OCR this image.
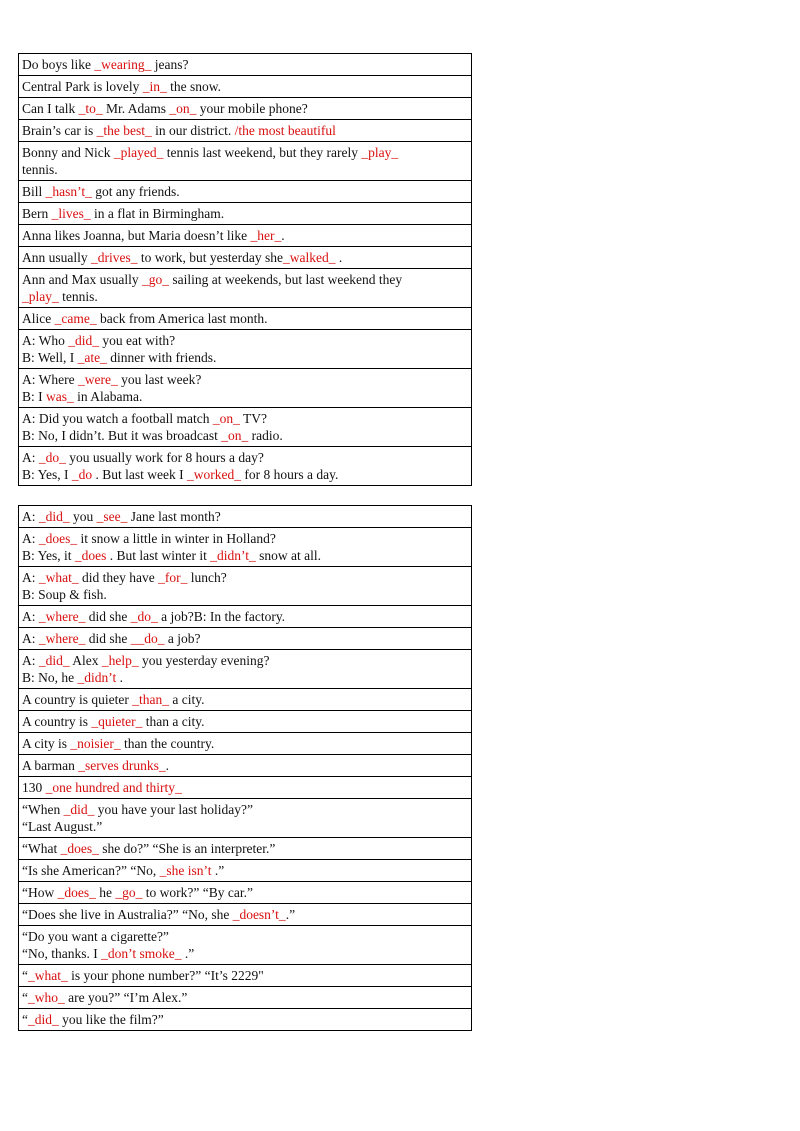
Do boys like _wearing_ jeans?
Central Park is lovely _in_ the snow.
Can I talk _to_ Mr. Adams _on_ your mobile phone?
Brain’s car is _the best_ in our district. /the most beautiful
Bonny and Nick _played_ tennis last weekend, but they rarely _play_
tennis.
Bill _hasn’t_ got any friends.
Bern _lives_ in a flat in Birmingham.
Anna likes Joanna, but Maria doesn’t like _her_.
Ann usually _drives_ to work, but yesterday she_walked_ .
Ann and Max usually _go_ sailing at weekends, but last weekend they
_play_ tennis.
Alice _came_ back from America last month.
A: Who _did_ you eat with?
B: Well, I _ate_ dinner with friends.
A: Where _were_ you last week?
B: I was_ in Alabama.
A: Did you watch a football match _on_ TV?
B: No, I didn’t. But it was broadcast _on_ radio.
A: _do_ you usually work for 8 hours a day?
B: Yes, I _do . But last week I _worked_ for 8 hours a day.
A: _did_ you _see_ Jane last month?
A: _does_ it snow a little in winter in Holland?
B: Yes, it _does . But last winter it _didn’t_ snow at all.
A: _what_ did they have _for_ lunch?
B: Soup & fish.
A: _where_ did she _do_ a job?B: In the factory.
A: _where_ did she __do_ a job?
A: _did_ Alex _help_ you yesterday evening?
B: No, he _didn’t .
A country is quieter _than_ a city.
A country is _quieter_ than a city.
A city is _noisier_ than the country.
A barman _serves drunks_.
130 _one hundred and thirty_
“When _did_ you have your last holiday?”
“Last August.”
“What _does_ she do?” “She is an interpreter.”
“Is she American?” “No, _she isn’t .”
“How _does_ he _go_ to work?” “By car.”
“Does she live in Australia?” “No, she _doesn’t_.”
“Do you want a cigarette?”
“No, thanks. I _don’t smoke_ .”
“_what_ is your phone number?” “It’s 2229"
“_who_ are you?” “I’m Alex.”
“_did_ you like the film?”
